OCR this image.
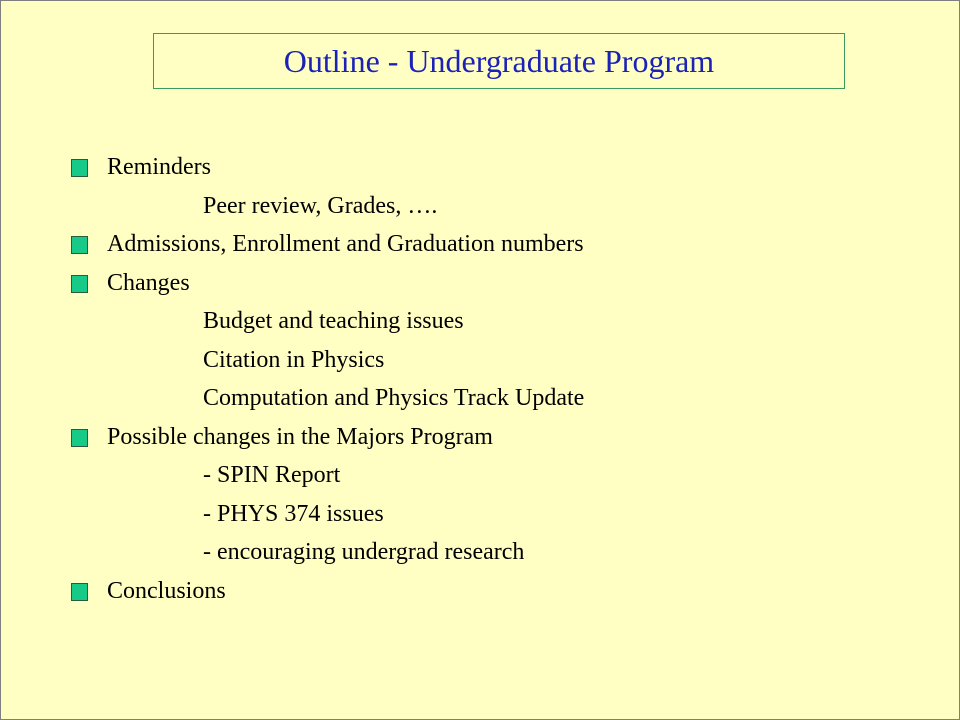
Outline - Undergraduate Program
Reminders
Peer review, Grades, ….
Admissions, Enrollment and Graduation numbers
Changes
Budget and teaching issues
Citation in Physics
Computation and Physics Track Update
Possible changes in the Majors Program
- SPIN Report
- PHYS 374 issues
- encouraging undergrad research
Conclusions
